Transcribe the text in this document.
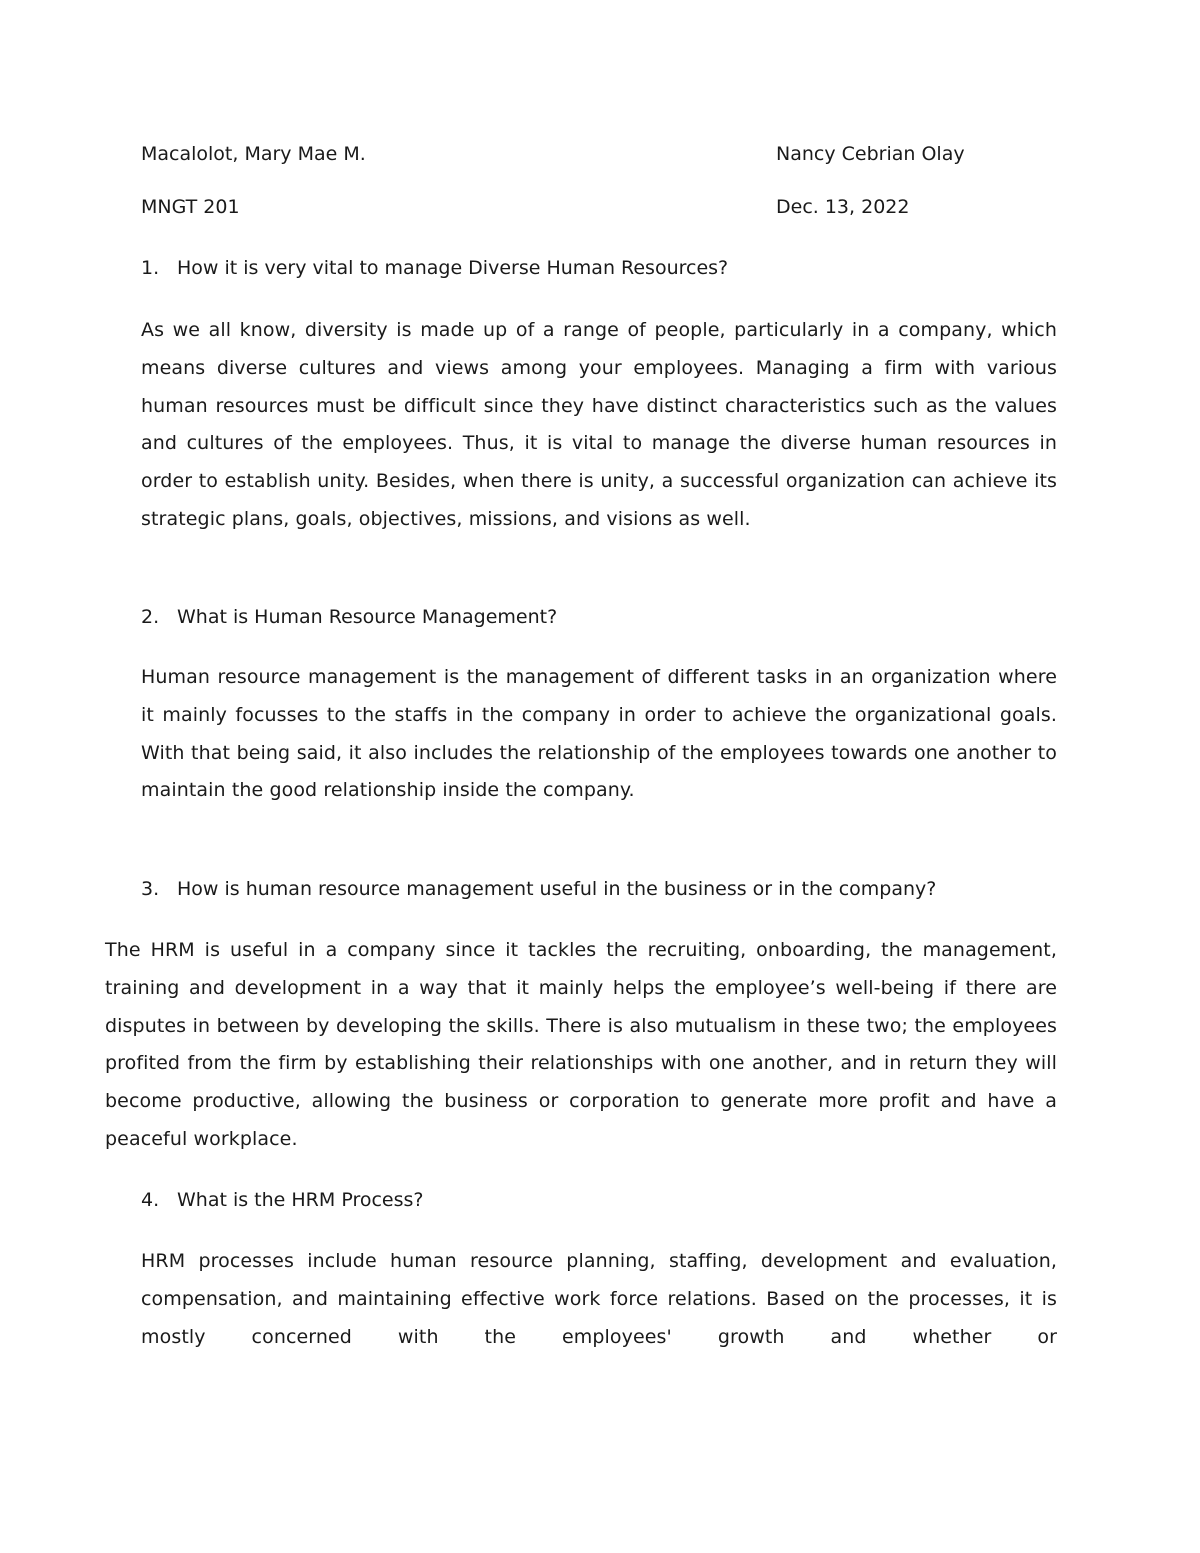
Macalolot, Mary Mae M.	Nancy Cebrian Olay
MNGT 201	Dec. 13, 2022
1. How it is very vital to manage Diverse Human Resources?

As we all know, diversity is made up of a range of people, particularly in a company, which means diverse cultures and views among your employees. Managing a firm with various human resources must be difficult since they have distinct characteristics such as the values and cultures of the employees. Thus, it is vital to manage the diverse human resources in order to establish unity. Besides, when there is unity, a successful organization can achieve its strategic plans, goals, objectives, missions, and visions as well.

2. What is Human Resource Management?

Human resource management is the management of different tasks in an organization where it mainly focusses to the staffs in the company in order to achieve the organizational goals. With that being said, it also includes the relationship of the employees towards one another to maintain the good relationship inside the company.

3. How is human resource management useful in the business or in the company?

The HRM is useful in a company since it tackles the recruiting, onboarding, the management, training and development in a way that it mainly helps the employee’s well-being if there are disputes in between by developing the skills. There is also mutualism in these two; the employees profited from the firm by establishing their relationships with one another, and in return they will become productive, allowing the business or corporation to generate more profit and have a peaceful workplace.

4. What is the HRM Process?

HRM processes include human resource planning, staffing, development and evaluation, compensation, and maintaining effective work force relations. Based on the processes, it is mostly concerned with the employees' growth and whether or
